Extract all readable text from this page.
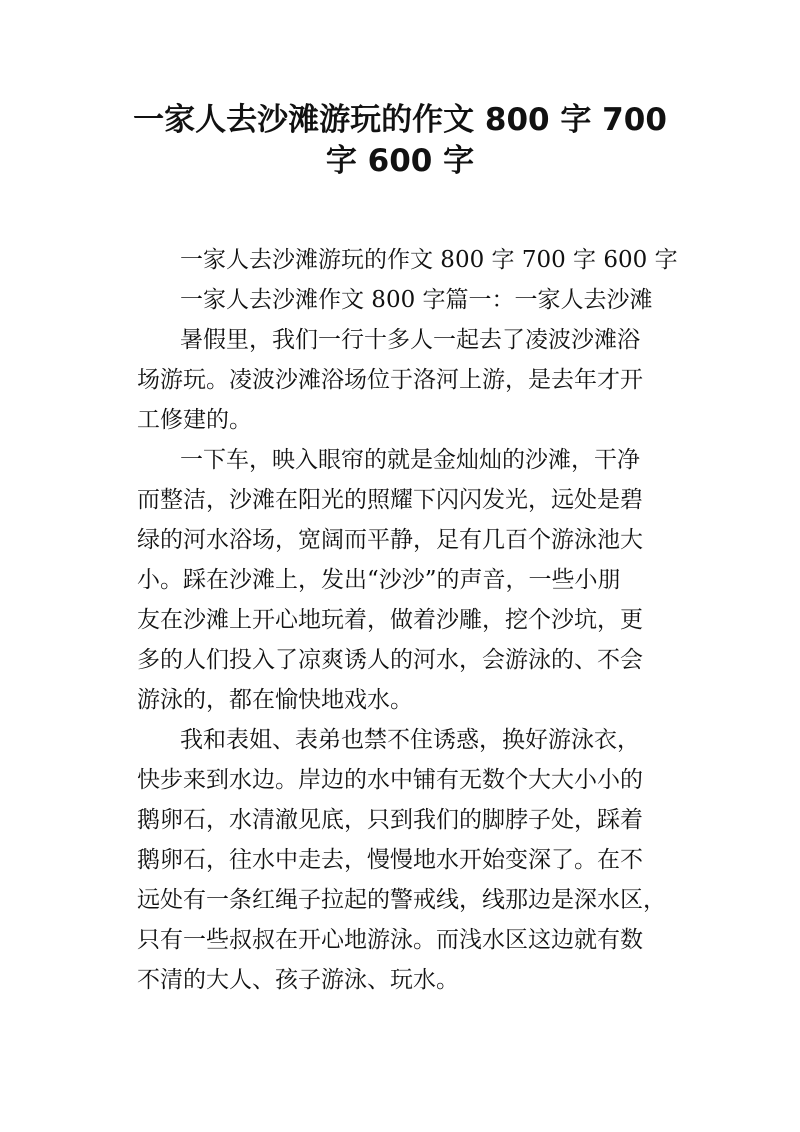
一家人去沙滩游玩的作文 800 字 700
字 600 字
一家人去沙滩游玩的作文 800 字 700 字 600 字
一家人去沙滩作文 800 字篇一：一家人去沙滩
暑假里，我们一行十多人一起去了凌波沙滩浴
场游玩。凌波沙滩浴场位于洛河上游，是去年才开
工修建的。
一下车，映入眼帘的就是金灿灿的沙滩，干净
而整洁，沙滩在阳光的照耀下闪闪发光，远处是碧
绿的河水浴场，宽阔而平静，足有几百个游泳池大
小。踩在沙滩上，发出“沙沙”的声音，一些小朋
友在沙滩上开心地玩着，做着沙雕，挖个沙坑，更
多的人们投入了凉爽诱人的河水，会游泳的、不会
游泳的，都在愉快地戏水。
我和表姐、表弟也禁不住诱惑，换好游泳衣，
快步来到水边。岸边的水中铺有无数个大大小小的
鹅卵石，水清澈见底，只到我们的脚脖子处，踩着
鹅卵石，往水中走去，慢慢地水开始变深了。在不
远处有一条红绳子拉起的警戒线，线那边是深水区，
只有一些叔叔在开心地游泳。而浅水区这边就有数
不清的大人、孩子游泳、玩水。
